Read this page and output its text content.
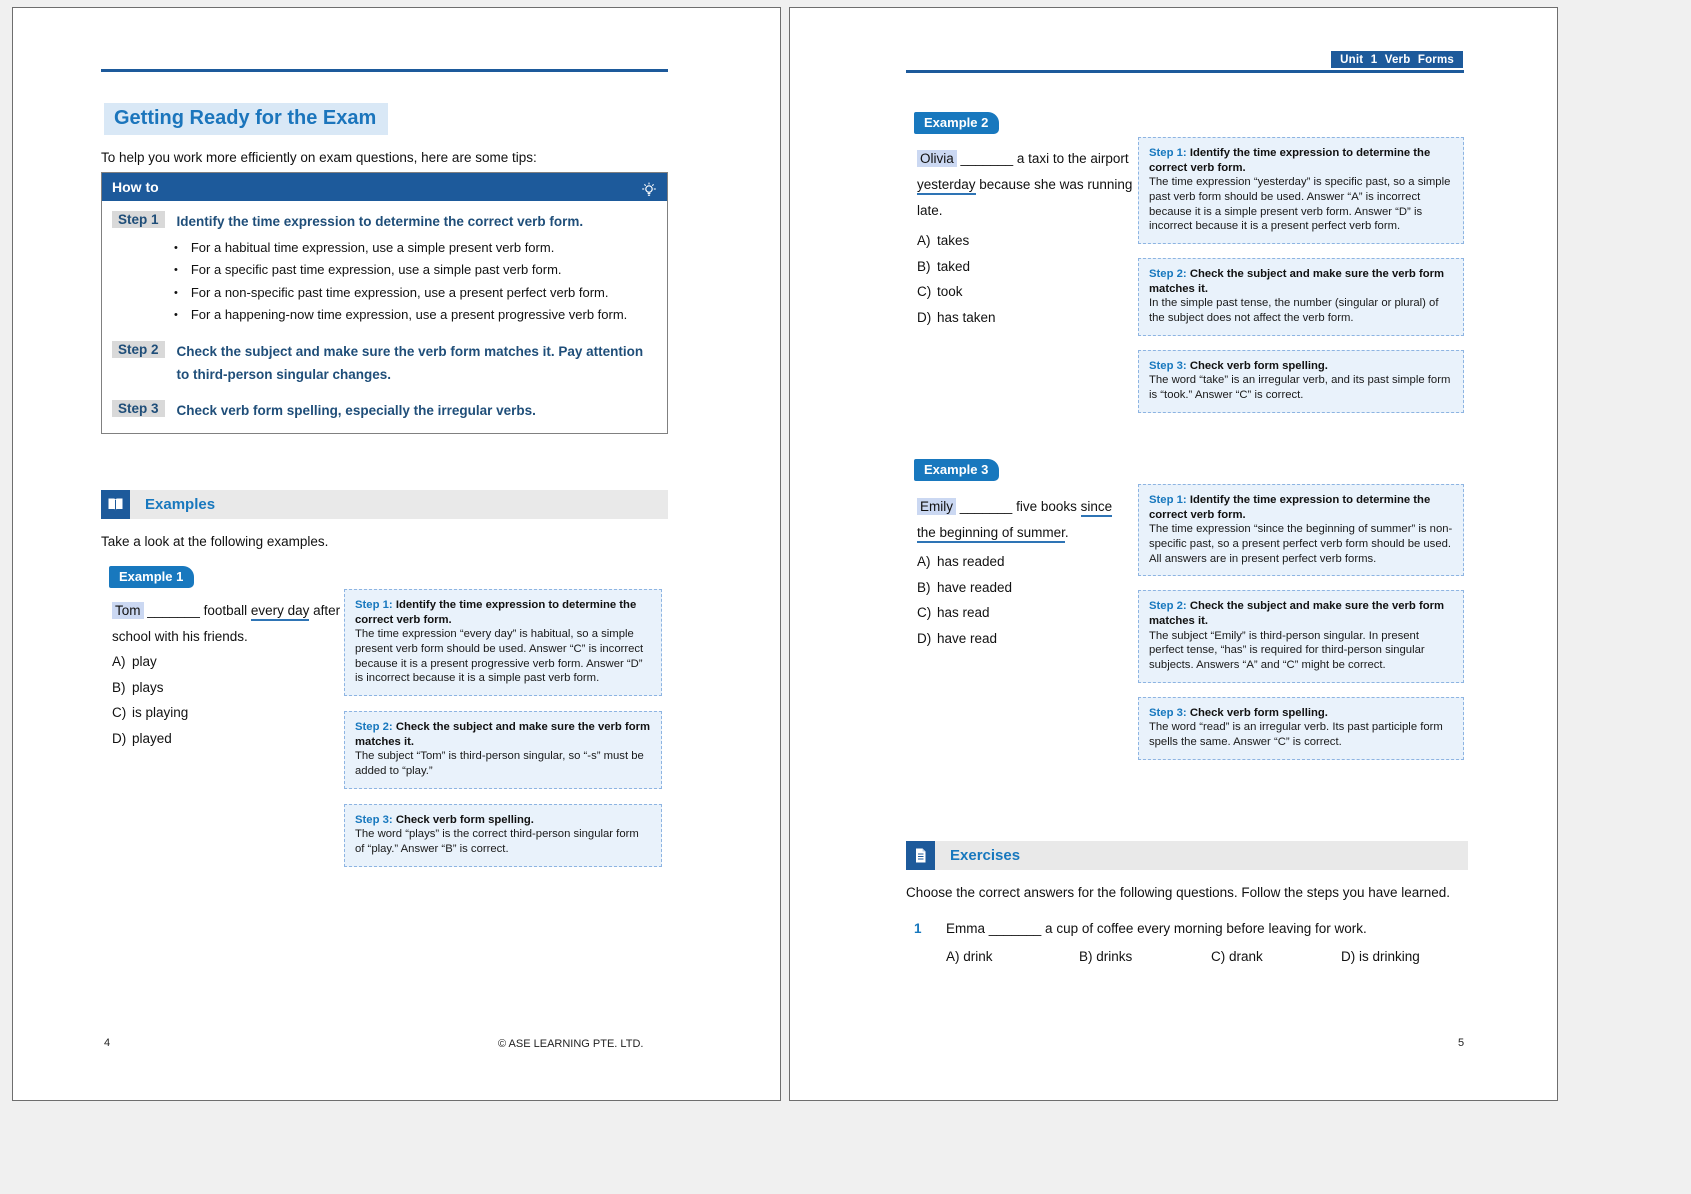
Getting Ready for the Exam
To help you work more efficiently on exam questions, here are some tips:
How to
Step 1	Identify the time expression to determine the correct verb form.
• For a habitual time expression, use a simple present verb form.
• For a specific past time expression, use a simple past verb form.
• For a non-specific past time expression, use a present perfect verb form.
• For a happening-now time expression, use a present progressive verb form.
Step 2	Check the subject and make sure the verb form matches it. Pay attention to third-person singular changes.
Step 3	Check verb form spelling, especially the irregular verbs.
Examples
Take a look at the following examples.
Example 1
Tom _______ football every day after school with his friends.
A) play
B) plays
C) is playing
D) played
Step 1: Identify the time expression to determine the correct verb form.
The time expression “every day” is habitual, so a simple present verb form should be used. Answer “C” is incorrect because it is a present progressive verb form. Answer “D” is incorrect because it is a simple past verb form.
Step 2: Check the subject and make sure the verb form matches it.
The subject “Tom” is third-person singular, so “-s” must be added to “play.”
Step 3: Check verb form spelling.
The word “plays” is the correct third-person singular form of “play.” Answer “B” is correct.
4	© ASE LEARNING PTE. LTD.
Unit 1 Verb Forms
Example 2
Olivia _______ a taxi to the airport yesterday because she was running late.
A) takes
B) taked
C) took
D) has taken
Step 1: Identify the time expression to determine the correct verb form.
The time expression “yesterday” is specific past, so a simple past verb form should be used. Answer “A” is incorrect because it is a simple present verb form. Answer “D” is incorrect because it is a present perfect verb form.
Step 2: Check the subject and make sure the verb form matches it.
In the simple past tense, the number (singular or plural) of the subject does not affect the verb form.
Step 3: Check verb form spelling.
The word “take” is an irregular verb, and its past simple form is “took.” Answer “C” is correct.
Example 3
Emily _______ five books since the beginning of summer.
A) has readed
B) have readed
C) has read
D) have read
Step 1: Identify the time expression to determine the correct verb form.
The time expression “since the beginning of summer” is non-specific past, so a present perfect verb form should be used. All answers are in present perfect verb forms.
Step 2: Check the subject and make sure the verb form matches it.
The subject “Emily” is third-person singular. In present perfect tense, “has” is required for third-person singular subjects. Answers “A” and “C” might be correct.
Step 3: Check verb form spelling.
The word “read” is an irregular verb. Its past participle form spells the same. Answer “C” is correct.
Exercises
Choose the correct answers for the following questions. Follow the steps you have learned.
1 Emma _______ a cup of coffee every morning before leaving for work.
A) drink	B) drinks	C) drank	D) is drinking
5
